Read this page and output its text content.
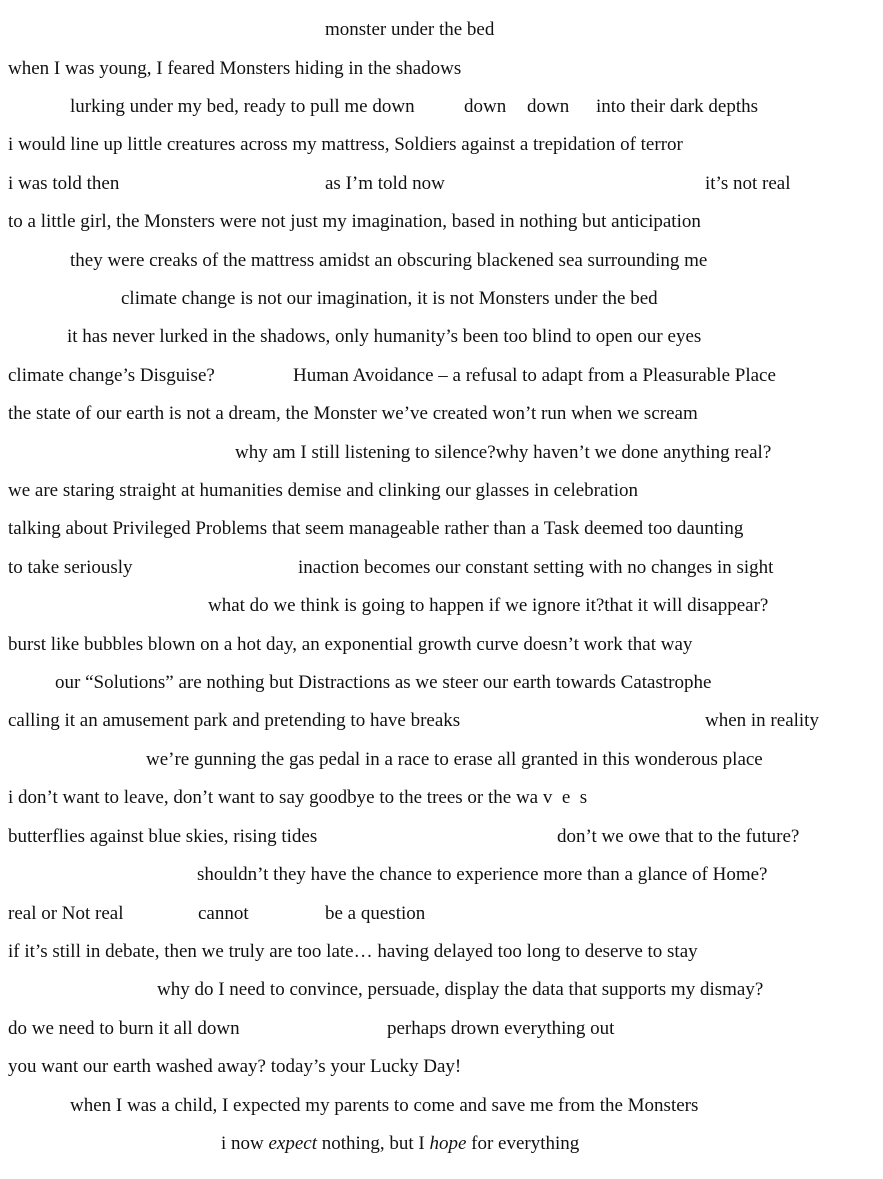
monster under the bed
when I was young, I feared Monsters hiding in the shadows
lurking under my bed, ready to pull me down	down down into their dark depths
i would line up little creatures across my mattress, Soldiers against a trepidation of terror
i was told then	as I’m told now	it’s not real
to a little girl, the Monsters were not just my imagination, based in nothing but anticipation
they were creaks of the mattress amidst an obscuring blackened sea surrounding me
climate change is not our imagination, it is not Monsters under the bed
it has never lurked in the shadows, only humanity’s been too blind to open our eyes
climate change’s Disguise?	Human Avoidance – a refusal to adapt from a Pleasurable Place
the state of our earth is not a dream, the Monster we’ve created won’t run when we scream
why am I still listening to silence?why haven’t we done anything real?
we are staring straight at humanities demise and clinking our glasses in celebration
talking about Privileged Problems that seem manageable rather than a Task deemed too daunting
to take seriously	inaction becomes our constant setting with no changes in sight
what do we think is going to happen if we ignore it?that it will disappear?
burst like bubbles blown on a hot day, an exponential growth curve doesn’t work that way
our “Solutions” are nothing but Distractions as we steer our earth towards Catastrophe
calling it an amusement park and pretending to have breaks	when in reality
we’re gunning the gas pedal in a race to erase all granted in this wonderous place
i don’t want to leave, don’t want to say goodbye to the trees or the wa v  e  s
butterflies against blue skies, rising tides	don’t we owe that to the future?
shouldn’t they have the chance to experience more than a glance of Home?
real or Not real	cannot	be a question
if it’s still in debate, then we truly are too late… having delayed too long to deserve to stay
why do I need to convince, persuade, display the data that supports my dismay?
do we need to burn it all down	perhaps drown everything out
you want our earth washed away? today’s your Lucky Day!
when I was a child, I expected my parents to come and save me from the Monsters
i now expect nothing, but I hope for everything
